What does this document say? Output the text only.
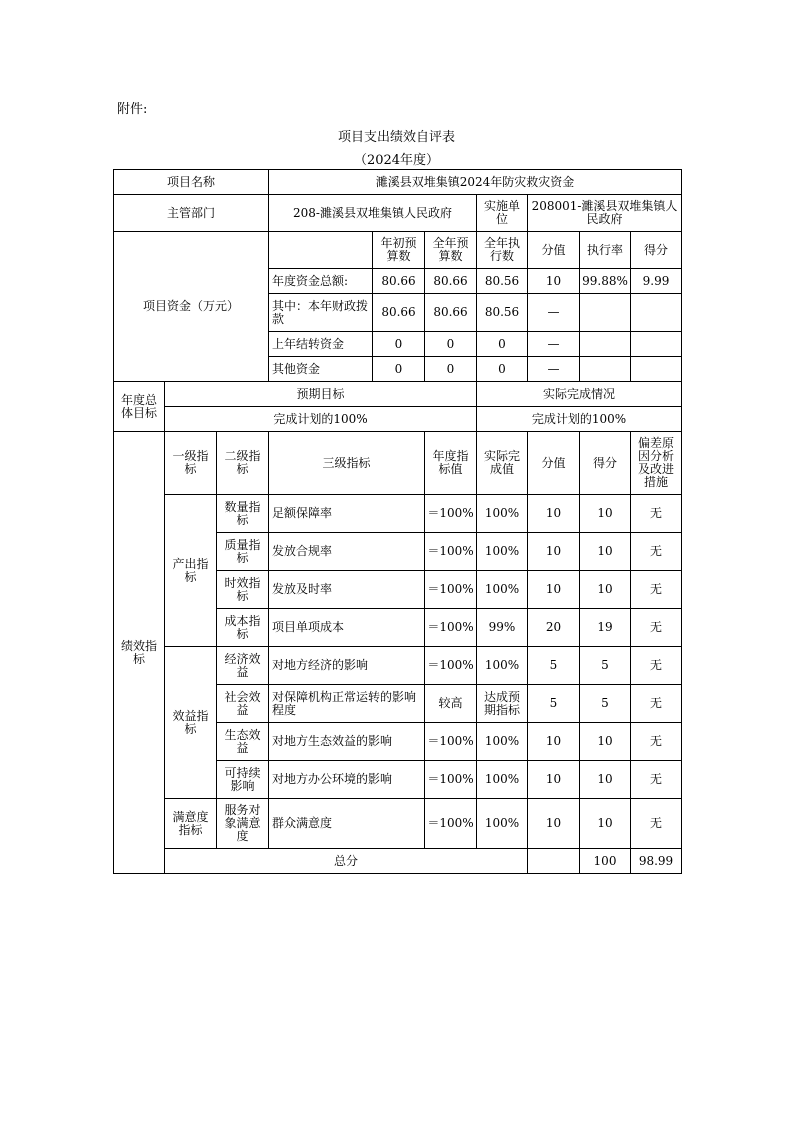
附件:
项目支出绩效自评表
（2024年度）
项目名称			濉溪县双堆集镇2024年防灾救灾资金							
主管部门			208-濉溪县双堆集镇人民政府			实施单位	208001-濉溪县双堆集镇人民政府			
项目资金（万元）				年初预算数	全年预算数	全年执行数	分值	执行率	得分	
			年度资金总额:	80.66	80.66	80.56	10	99.88%	9.99	
			其中：本年财政拨款	80.66	80.66	80.56	—			
			上年结转资金	0	0	0	—			
			其他资金	0	0	0	—			
年度总体目标	预期目标					实际完成情况				
	完成计划的100%					完成计划的100%				
绩效指标	一级指标	二级指标	三级指标		年度指标值	实际完成值	分值	得分	偏差原因分析及改进措施	
	产出指标	数量指标	足额保障率		＝100%	100%	10	10	无	
		质量指标	发放合规率		＝100%	100%	10	10	无	
		时效指标	发放及时率		＝100%	100%	10	10	无	
		成本指标	项目单项成本		＝100%	99%	20	19	无	
	效益指标	经济效益	对地方经济的影响		＝100%	100%	5	5	无	
		社会效益	对保障机构正常运转的影响程度		较高	达成预期指标	5	5	无	
		生态效益	对地方生态效益的影响		＝100%	100%	10	10	无	
		可持续影响	对地方办公环境的影响		＝100%	100%	10	10	无	
	满意度指标	服务对象满意度	群众满意度		＝100%	100%	10	10	无	
	总分							100	98.99	
